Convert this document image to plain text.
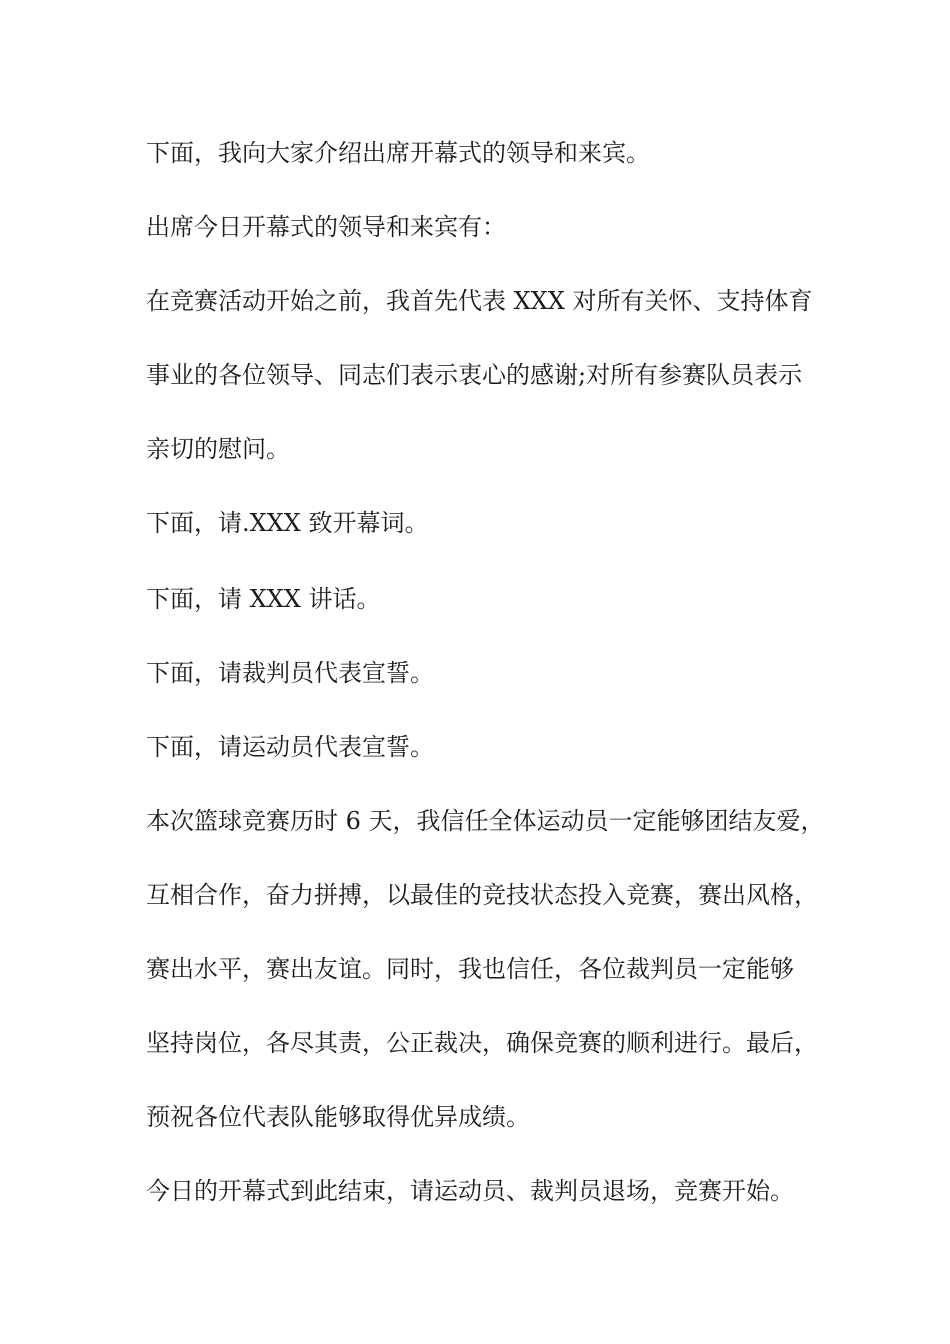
下面，我向大家介绍出席开幕式的领导和来宾。

出席今日开幕式的领导和来宾有：

在竞赛活动开始之前，我首先代表 XXX 对所有关怀、支持体育

事业的各位领导、同志们表示衷心的感谢;对所有参赛队员表示

亲切的慰问。

下面，请.XXX 致开幕词。

下面，请 XXX 讲话。

下面，请裁判员代表宣誓。

下面，请运动员代表宣誓。

本次篮球竞赛历时 6 天，我信任全体运动员一定能够团结友爱，

互相合作，奋力拼搏，以最佳的竞技状态投入竞赛，赛出风格，

赛出水平，赛出友谊。同时，我也信任，各位裁判员一定能够

坚持岗位，各尽其责，公正裁决，确保竞赛的顺利进行。最后，

预祝各位代表队能够取得优异成绩。

今日的开幕式到此结束，请运动员、裁判员退场，竞赛开始。
